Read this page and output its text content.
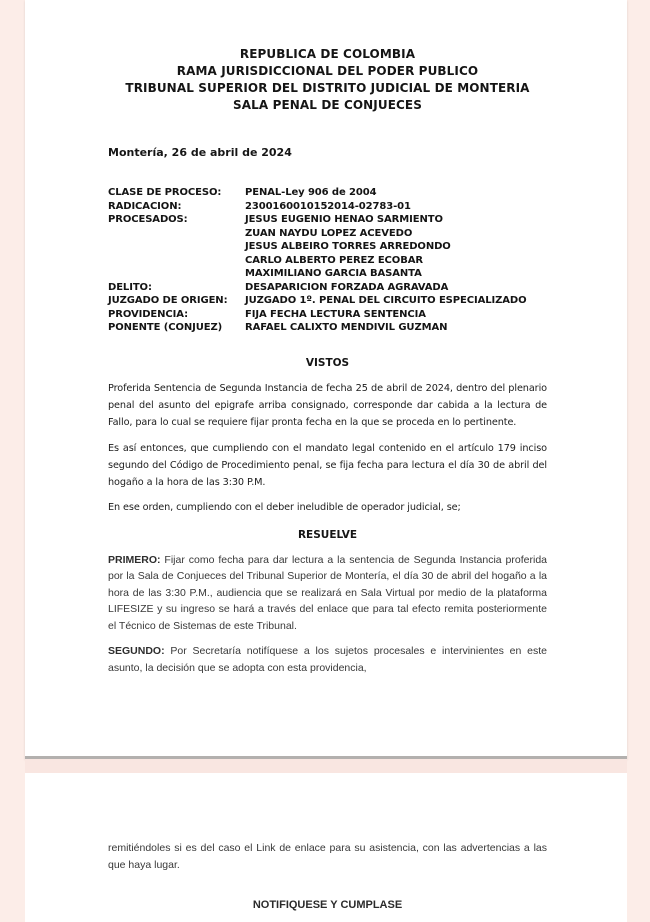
REPUBLICA DE COLOMBIA
RAMA JURISDICCIONAL DEL PODER PUBLICO
TRIBUNAL SUPERIOR DEL DISTRITO JUDICIAL DE MONTERIA
SALA PENAL DE CONJUECES
Montería, 26 de abril de 2024
CLASE DE PROCESO:	PENAL-Ley 906 de 2004
RADICACION:	2300160010152014-02783-01
PROCESADOS:	JESUS EUGENIO HENAO SARMIENTO
ZUAN NAYDU LOPEZ ACEVEDO
JESUS ALBEIRO TORRES ARREDONDO
CARLO ALBERTO PEREZ ECOBAR
MAXIMILIANO GARCIA BASANTA
DELITO:	DESAPARICION FORZADA AGRAVADA
JUZGADO DE ORIGEN:	JUZGADO 1º. PENAL DEL CIRCUITO ESPECIALIZADO
PROVIDENCIA:	FIJA FECHA LECTURA SENTENCIA
PONENTE (CONJUEZ)	RAFAEL CALIXTO MENDIVIL GUZMAN
VISTOS

Proferida Sentencia de Segunda Instancia de fecha 25 de abril de 2024, dentro del plenario penal del asunto del epigrafe arriba consignado, corresponde dar cabida a la lectura de Fallo, para lo cual se requiere fijar pronta fecha en la que se proceda en lo pertinente.

Es así entonces, que cumpliendo con el mandato legal contenido en el artículo 179 inciso segundo del Código de Procedimiento penal, se fija fecha para lectura el día 30 de abril del hogaño a la hora de las 3:30 P.M.

En ese orden, cumpliendo con el deber ineludible de operador judicial, se;

RESUELVE

PRIMERO: Fijar como fecha para dar lectura a la sentencia de Segunda Instancia proferida por la Sala de Conjueces del Tribunal Superior de Montería, el día 30 de abril del hogaño a la hora de las 3:30 P.M., audiencia que se realizará en Sala Virtual por medio de la plataforma LIFESIZE y su ingreso se hará a través del enlace que para tal efecto remita posteriormente el Técnico de Sistemas de este Tribunal.

SEGUNDO: Por Secretaría notifíquese a los sujetos procesales e intervinientes en este asunto, la decisión que se adopta con esta providencia,

remitiéndoles si es del caso el Link de enlace para su asistencia, con las advertencias a las que haya lugar.

NOTIFIQUESE Y CUMPLASE
